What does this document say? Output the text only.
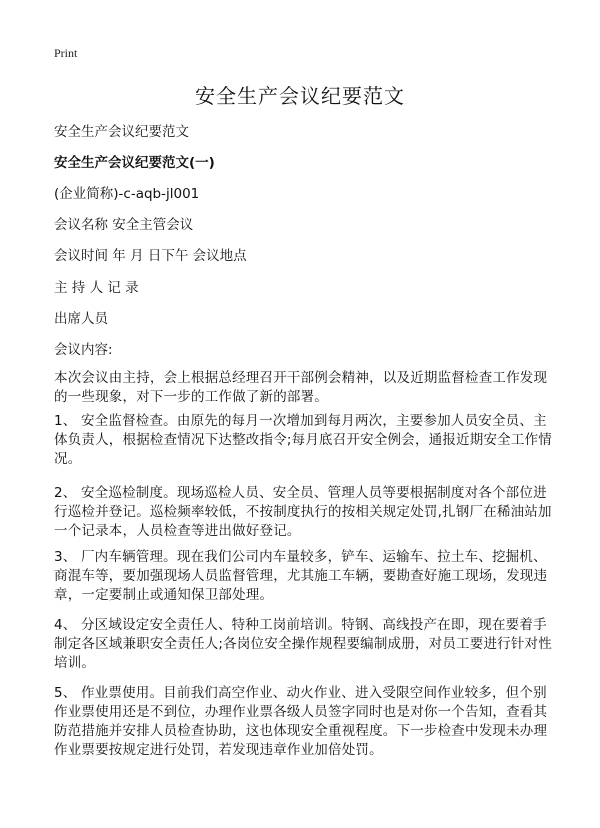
Print
安全生产会议纪要范文
安全生产会议纪要范文
安全生产会议纪要范文(一)
(企业简称)-c-aqb-jl001
会议名称 安全主管会议
会议时间 年 月 日下午 会议地点
主 持 人 记 录
出席人员
会议内容:

本次会议由主持，会上根据总经理召开干部例会精神，以及近期监督检查工作发现的一些现象，对下一步的工作做了新的部署。

1、 安全监督检查。由原先的每月一次增加到每月两次，主要参加人员安全员、主体负责人，根据检查情况下达整改指令;每月底召开安全例会，通报近期安全工作情况。

2、 安全巡检制度。现场巡检人员、安全员、管理人员等要根据制度对各个部位进行巡检并登记。巡检频率较低，不按制度执行的按相关规定处罚,扎钢厂在稀油站加一个记录本，人员检查等进出做好登记。

3、 厂内车辆管理。现在我们公司内车量较多，铲车、运输车、拉土车、挖掘机、商混车等，要加强现场人员监督管理，尤其施工车辆，要勘查好施工现场，发现违章，一定要制止或通知保卫部处理。

4、 分区域设定安全责任人、特种工岗前培训。特钢、高线投产在即，现在要着手制定各区域兼职安全责任人;各岗位安全操作规程要编制成册，对员工要进行针对性培训。

5、 作业票使用。目前我们高空作业、动火作业、进入受限空间作业较多，但个别作业票使用还是不到位，办理作业票各级人员签字同时也是对你一个告知，查看其防范措施并安排人员检查协助，这也体现安全重视程度。下一步检查中发现未办理作业票要按规定进行处罚，若发现违章作业加倍处罚。
